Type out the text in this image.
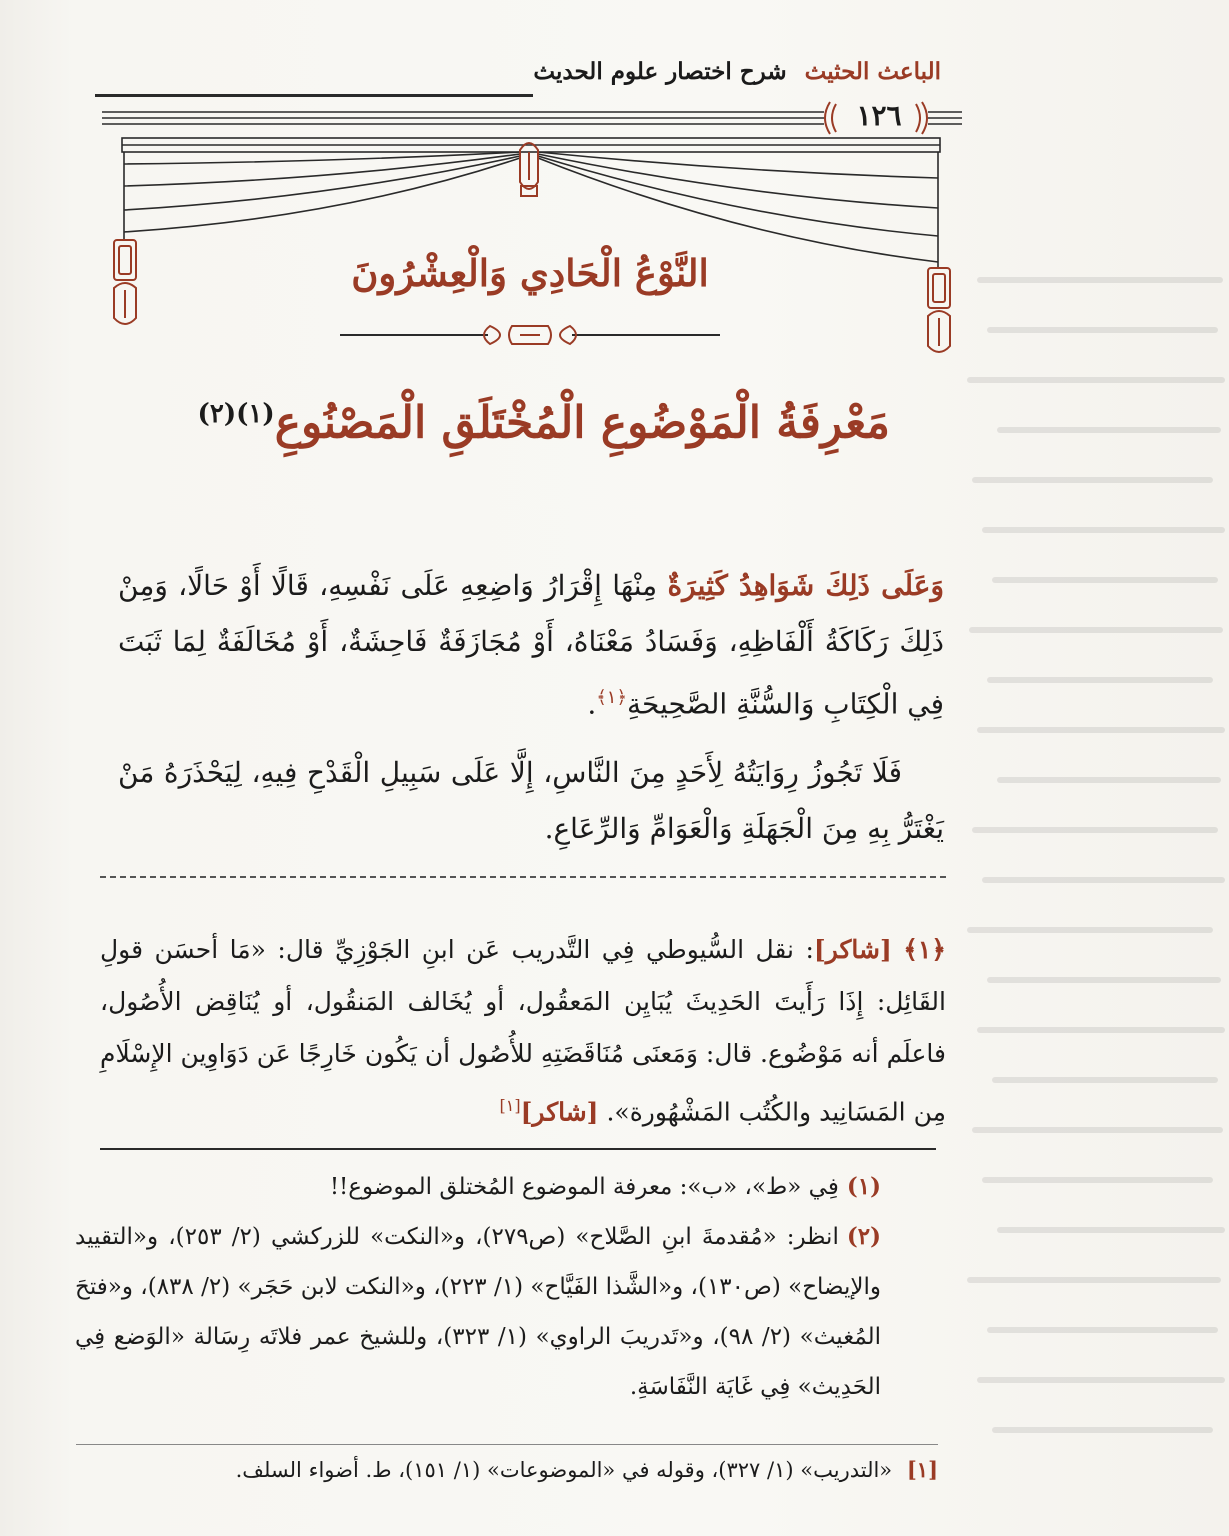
الباعث الحثيث شرح اختصار علوم الحديث
١٢٦
النَّوْعُ الْحَادِي وَالْعِشْرُونَ
مَعْرِفَةُ الْمَوْضُوعِ الْمُخْتَلَقِ الْمَصْنُوعِ$^{(١)(٢)}$

وَعَلَى ذَلِكَ شَوَاهِدُ كَثِيرَةٌ مِنْهَا إِقْرَارُ وَاضِعِهِ عَلَى نَفْسِهِ، قَالًا أَوْ حَالًا، وَمِنْ ذَلِكَ رَكَاكَةُ أَلْفَاظِهِ، وَفَسَادُ مَعْنَاهُ، أَوْ مُجَازَفَةٌ فَاحِشَةٌ، أَوْ مُخَالَفَةٌ لِمَا ثَبَتَ فِي الْكِتَابِ وَالسُّنَّةِ الصَّحِيحَةِ$^{﴿١﴾}$.

فَلَا تَجُوزُ رِوَايَتُهُ لِأَحَدٍ مِنَ النَّاسِ، إِلَّا عَلَى سَبِيلِ الْقَدْحِ فِيهِ، لِيَحْذَرَهُ مَنْ يَغْتَرُّ بِهِ مِنَ الْجَهَلَةِ وَالْعَوَامِّ وَالرِّعَاعِ.

﴿١﴾ [شاكر]: نقل السُّيوطي فِي التَّدريب عَن ابنِ الجَوْزِيِّ قال: «مَا أحسَن قولِ القَائِل: إِذَا رَأَيتَ الحَدِيثَ يُبَايِن المَعقُول، أو يُخَالف المَنقُول، أو يُنَاقِض الأُصُول، فاعلَم أنه مَوْضُوع. قال: وَمَعنَى مُنَاقَضَتِهِ للأُصُول أن يَكُون خَارِجًا عَن دَوَاوِين الإِسْلَامِ مِن المَسَانِيد والكُتُب المَشْهُورة». [شاكر][١]

(١)فِي «ط»، «ب»: معرفة الموضوع المُختلق الموضوع!!

(٢)انظر: «مُقدمةَ ابنِ الصَّلاح» (ص٢٧٩)، و«النكت» للزركشي (٢/ ٢٥٣)، و«التقييد والإيضاح» (ص١٣٠)، و«الشَّذا الفَيَّاح» (١/ ٢٢٣)، و«النكت لابن حَجَر» (٢/ ٨٣٨)، و«فتحَ المُغيث» (٢/ ٩٨)، و«تَدريبَ الراوي» (١/ ٣٢٣)، وللشيخ عمر فلاتَه رِسَالة «الوَضع فِي الحَدِيث» فِي غَايَة النَّفَاسَةِ.

[١] «التدريب» (١/ ٣٢٧)، وقوله في «الموضوعات» (١/ ١٥١)، ط. أضواء السلف.
